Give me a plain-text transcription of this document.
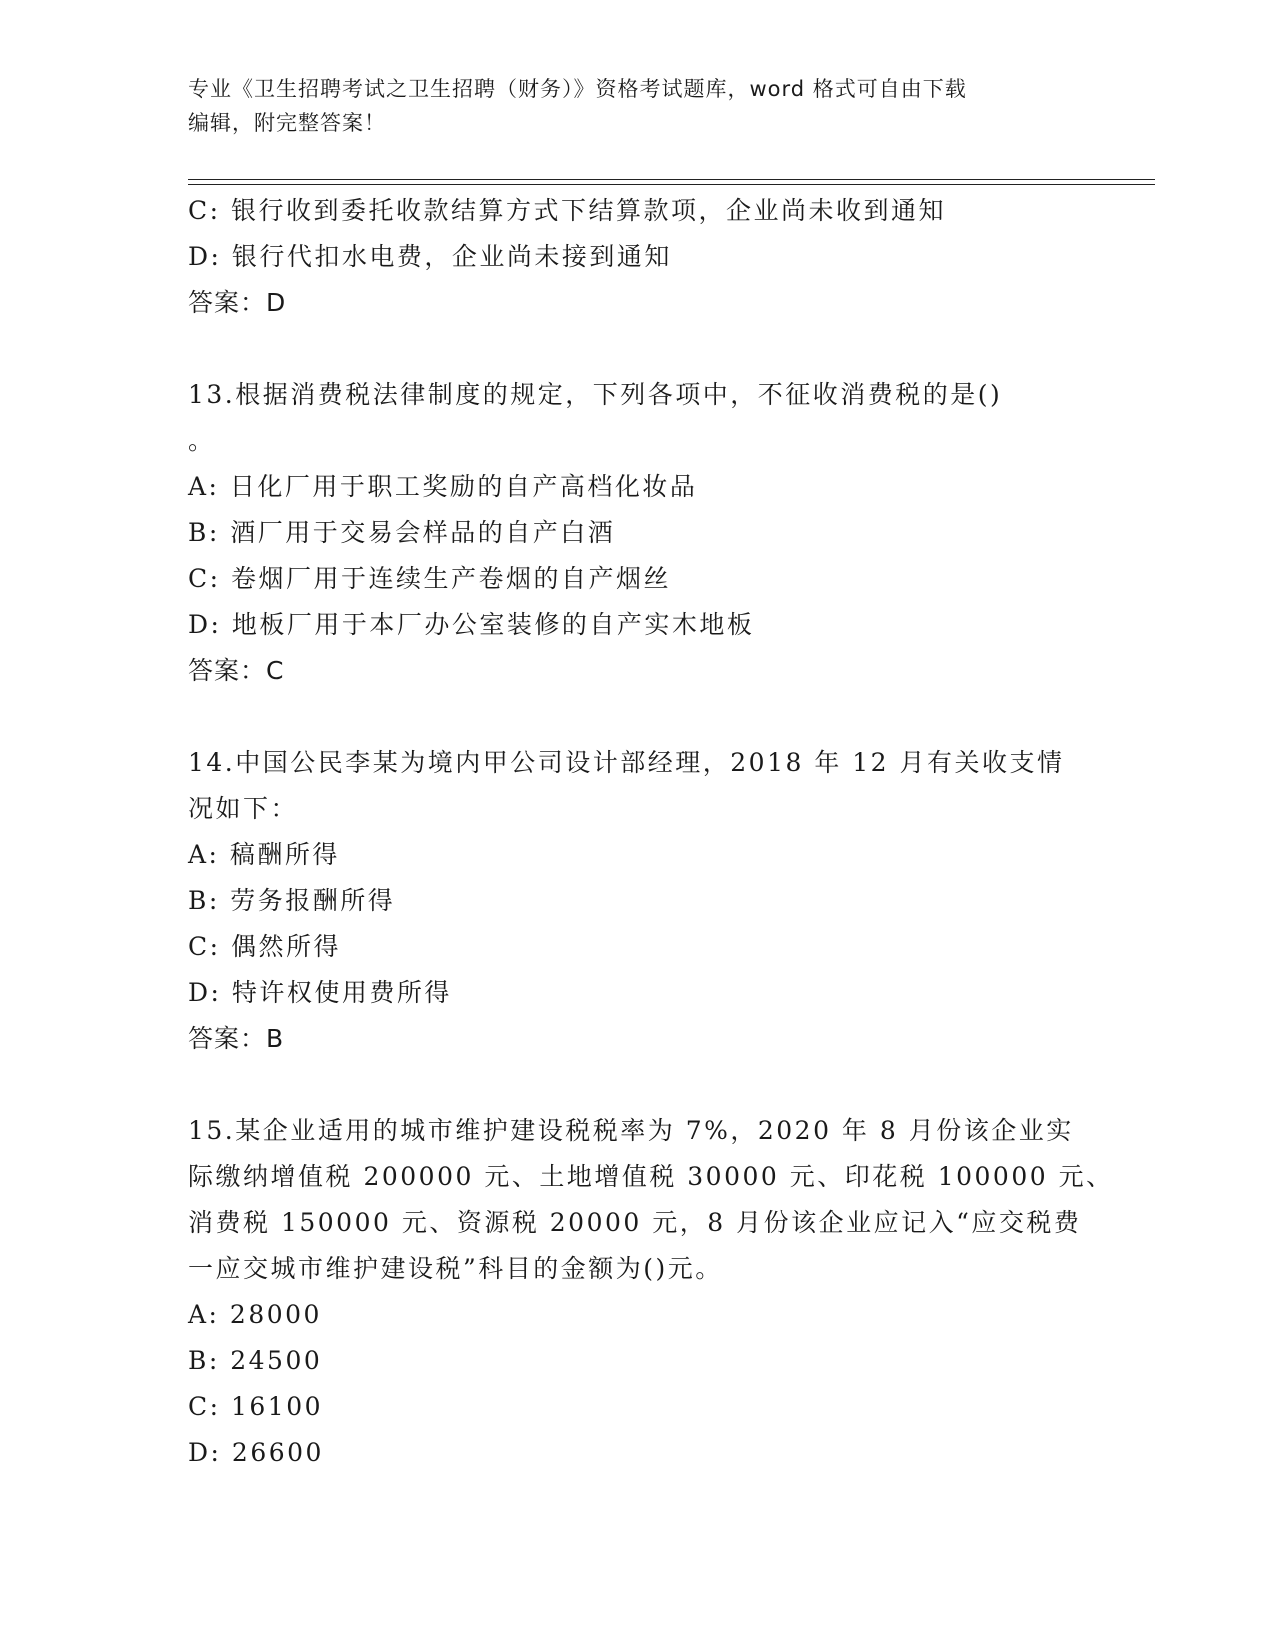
专业《卫生招聘考试之卫生招聘（财务）》资格考试题库，word 格式可自由下载
编辑，附完整答案！
C: 银行收到委托收款结算方式下结算款项，企业尚未收到通知
D: 银行代扣水电费，企业尚未接到通知
答案：D
13.根据消费税法律制度的规定，下列各项中，不征收消费税的是()
。
A: 日化厂用于职工奖励的自产高档化妆品
B: 酒厂用于交易会样品的自产白酒
C: 卷烟厂用于连续生产卷烟的自产烟丝
D: 地板厂用于本厂办公室装修的自产实木地板
答案：C
14.中国公民李某为境内甲公司设计部经理，2018 年 12 月有关收支情
况如下：
A: 稿酬所得
B: 劳务报酬所得
C: 偶然所得
D: 特许权使用费所得
答案：B
15.某企业适用的城市维护建设税税率为 7%，2020 年 8 月份该企业实
际缴纳增值税 200000 元、土地增值税 30000 元、印花税 100000 元、
消费税 150000 元、资源税 20000 元，8 月份该企业应记入“应交税费
一应交城市维护建设税”科目的金额为()元。
A: 28000
B: 24500
C: 16100
D: 26600
